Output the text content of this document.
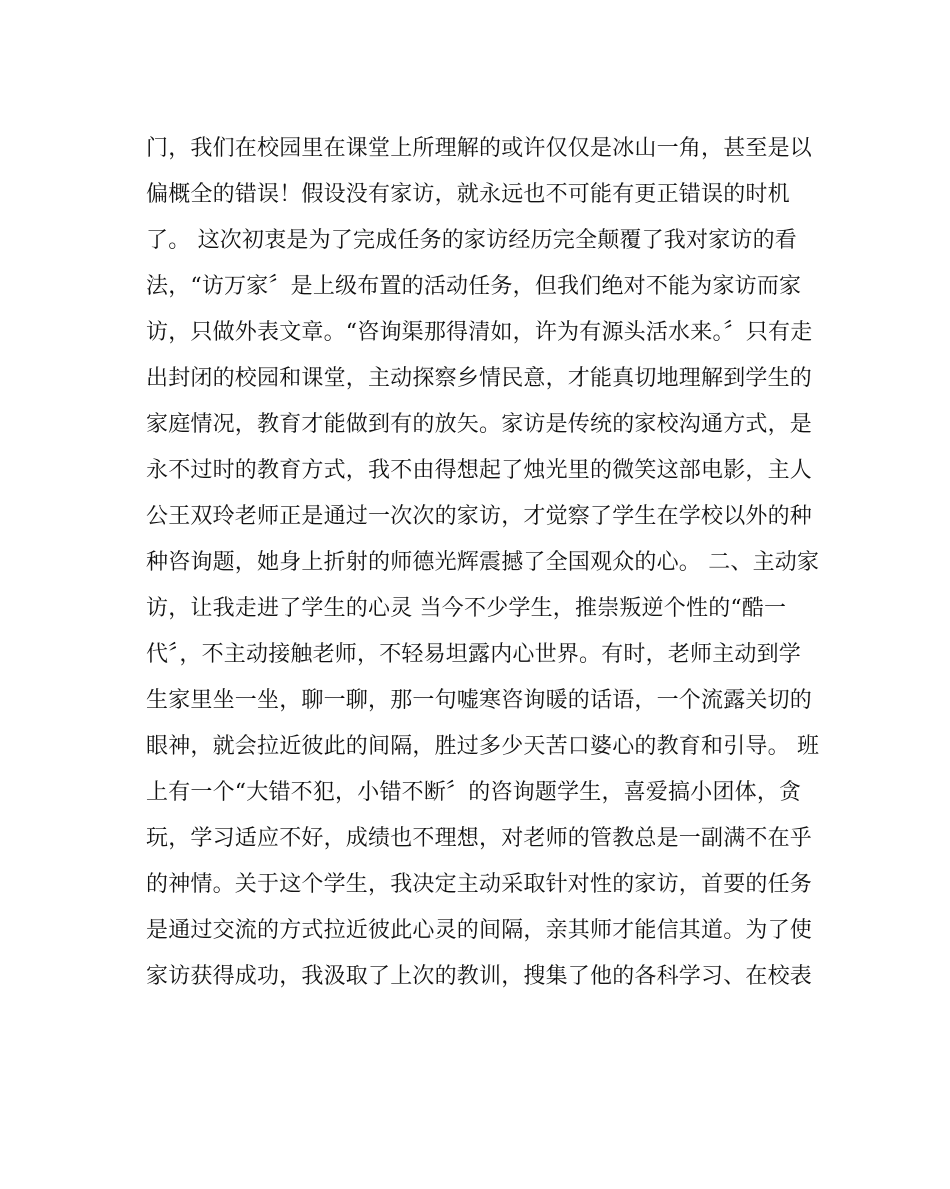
门，我们在校园里在课堂上所理解的或许仅仅是冰山一角，甚至是以
偏概全的错误！假设没有家访，就永远也不可能有更正错误的时机
了。 这次初衷是为了完成任务的家访经历完全颠覆了我对家访的看
法，“访万家〞是上级布置的活动任务，但我们绝对不能为家访而家
访，只做外表文章。“咨询渠那得清如，许为有源头活水来。〞只有走
出封闭的校园和课堂，主动探察乡情民意，才能真切地理解到学生的
家庭情况，教育才能做到有的放矢。家访是传统的家校沟通方式，是
永不过时的教育方式，我不由得想起了烛光里的微笑这部电影，主人
公王双玲老师正是通过一次次的家访，才觉察了学生在学校以外的种
种咨询题，她身上折射的师德光辉震撼了全国观众的心。 二、主动家
访，让我走进了学生的心灵 当今不少学生，推崇叛逆个性的“酷一
代〞，不主动接触老师，不轻易坦露内心世界。有时，老师主动到学
生家里坐一坐，聊一聊，那一句嘘寒咨询暖的话语，一个流露关切的
眼神，就会拉近彼此的间隔，胜过多少天苦口婆心的教育和引导。 班
上有一个“大错不犯，小错不断〞的咨询题学生，喜爱搞小团体，贪
玩，学习适应不好，成绩也不理想，对老师的管教总是一副满不在乎
的神情。关于这个学生，我决定主动采取针对性的家访，首要的任务
是通过交流的方式拉近彼此心灵的间隔，亲其师才能信其道。为了使
家访获得成功，我汲取了上次的教训，搜集了他的各科学习、在校表
